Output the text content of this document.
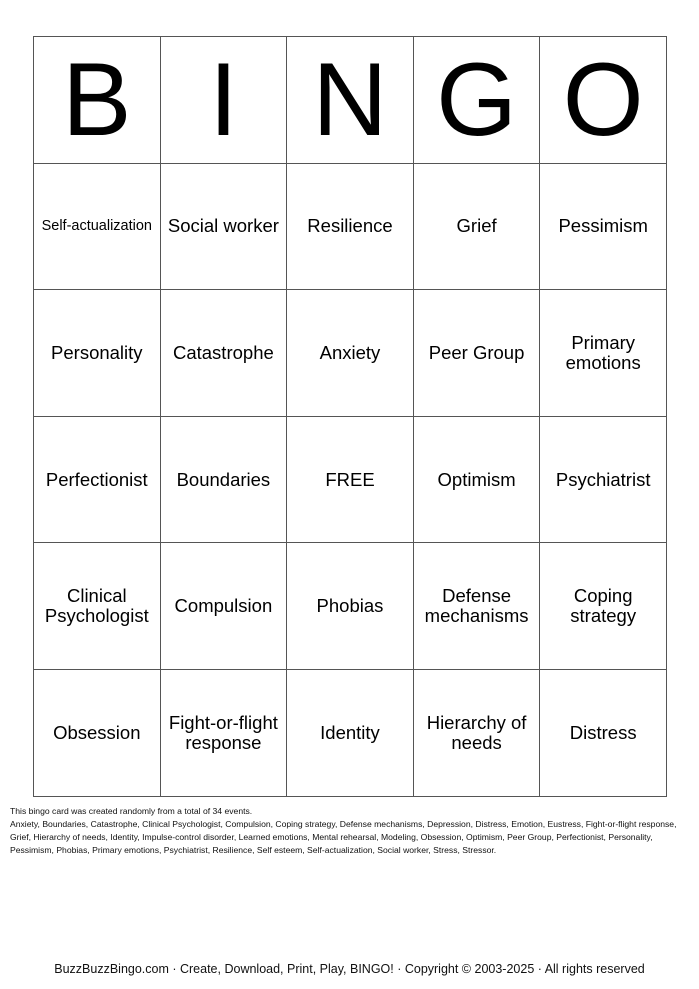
B	I	N	G	O
Self-actualization	Social worker	Resilience	Grief	Pessimism
Personality	Catastrophe	Anxiety	Peer Group	Primary emotions
Perfectionist	Boundaries	FREE	Optimism	Psychiatrist
Clinical Psychologist	Compulsion	Phobias	Defense mechanisms	Coping strategy
Obsession	Fight-or-flight response	Identity	Hierarchy of needs	Distress

This bingo card was created randomly from a total of 34 events.

Anxiety, Boundaries, Catastrophe, Clinical Psychologist, Compulsion, Coping strategy, Defense mechanisms, Depression, Distress, Emotion, Eustress, Fight-or-flight response, Grief, Hierarchy of needs, Identity, Impulse-control disorder, Learned emotions, Mental rehearsal, Modeling, Obsession, Optimism, Peer Group, Perfectionist, Personality, Pessimism, Phobias, Primary emotions, Psychiatrist, Resilience, Self esteem, Self-actualization, Social worker, Stress, Stressor.

BuzzBuzzBingo.com · Create, Download, Print, Play, BINGO! · Copyright © 2003-2025 · All rights reserved
